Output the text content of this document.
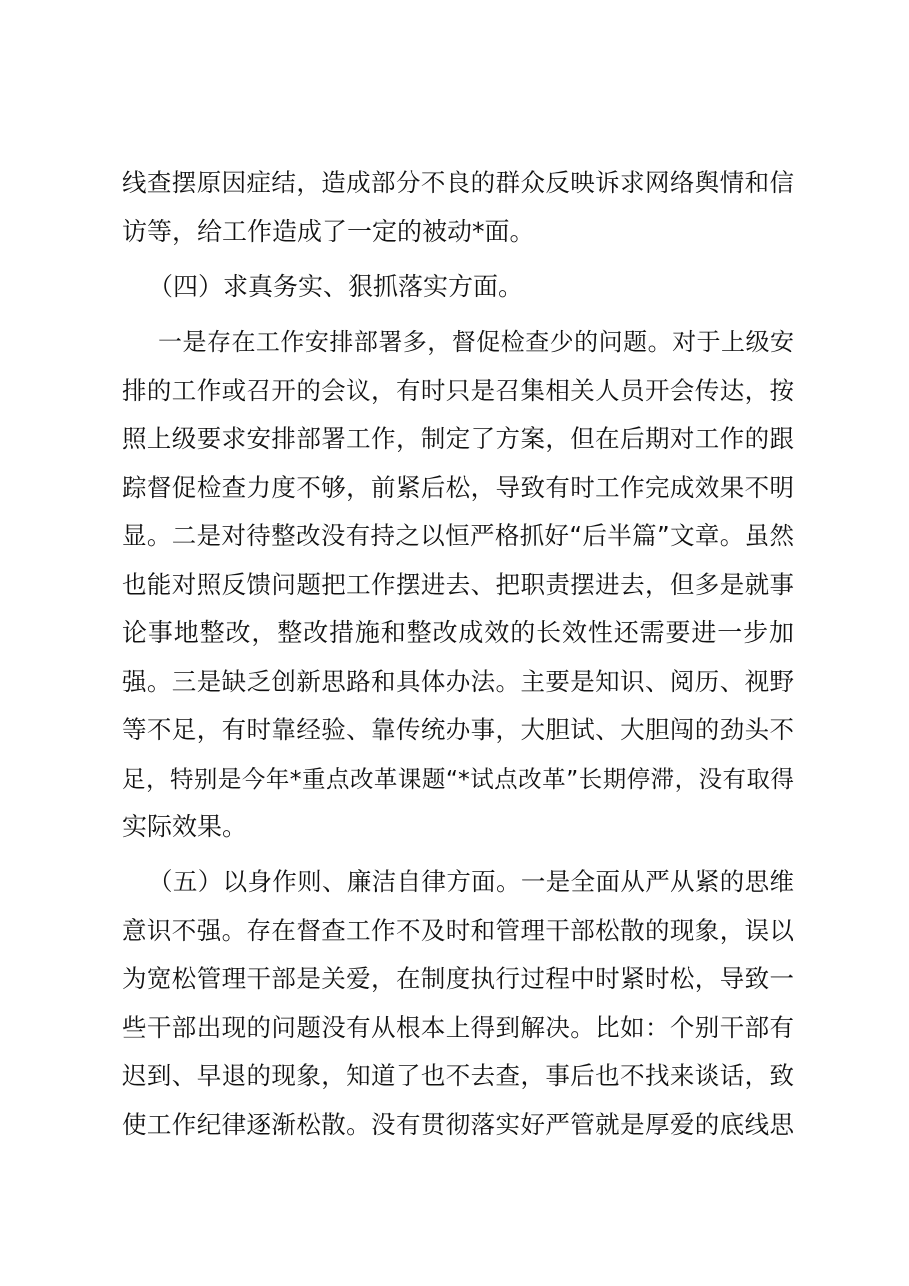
线查摆原因症结，造成部分不良的群众反映诉求网络舆情和信
访等，给工作造成了一定的被动*面。
（四）求真务实、狠抓落实方面。
一是存在工作安排部署多，督促检查少的问题。对于上级安
排的工作或召开的会议，有时只是召集相关人员开会传达，按
照上级要求安排部署工作，制定了方案，但在后期对工作的跟
踪督促检查力度不够，前紧后松，导致有时工作完成效果不明
显。二是对待整改没有持之以恒严格抓好“后半篇”文章。虽然
也能对照反馈问题把工作摆进去、把职责摆进去，但多是就事
论事地整改，整改措施和整改成效的长效性还需要进一步加
强。三是缺乏创新思路和具体办法。主要是知识、阅历、视野
等不足，有时靠经验、靠传统办事，大胆试、大胆闯的劲头不
足，特别是今年*重点改革课题“*试点改革”长期停滞，没有取得
实际效果。
（五）以身作则、廉洁自律方面。一是全面从严从紧的思维
意识不强。存在督查工作不及时和管理干部松散的现象，误以
为宽松管理干部是关爱，在制度执行过程中时紧时松，导致一
些干部出现的问题没有从根本上得到解决。比如：个别干部有
迟到、早退的现象，知道了也不去查，事后也不找来谈话，致
使工作纪律逐渐松散。没有贯彻落实好严管就是厚爱的底线思
